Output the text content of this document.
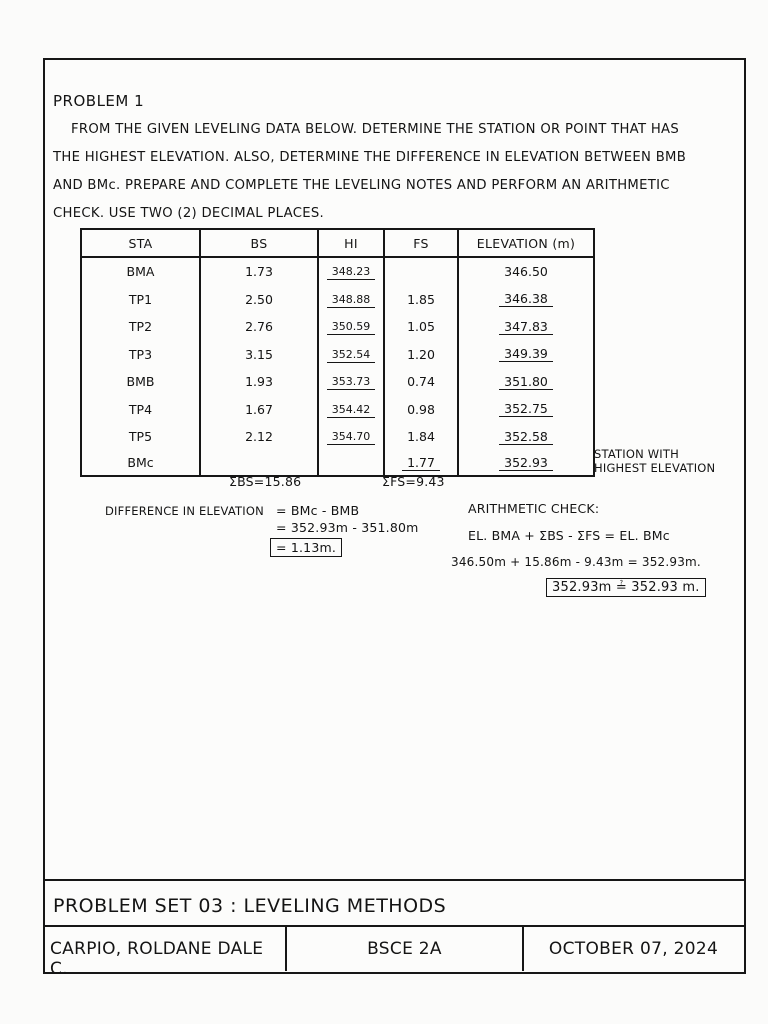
PROBLEM 1
FROM THE GIVEN LEVELING DATA BELOW. DETERMINE THE STATION OR POINT THAT HAS THE HIGHEST ELEVATION. ALSO, DETERMINE THE DIFFERENCE IN ELEVATION BETWEEN BMB AND BMc. PREPARE AND COMPLETE THE LEVELING NOTES AND PERFORM AN ARITHMETIC CHECK. USE TWO (2) DECIMAL PLACES.
STA	BS	HI	FS	ELEVATION (m)
BMA	1.73	348.23		346.50
TP1	2.50	348.88	1.85	346.38
TP2	2.76	350.59	1.05	347.83
TP3	3.15	352.54	1.20	349.39
BMB	1.93	353.73	0.74	351.80
TP4	1.67	354.42	0.98	352.75
TP5	2.12	354.70	1.84	352.58
BMc			1.77	352.93
STATION WITH HIGHEST ELEVATION
ΣBS=15.86	ΣFS=9.43
DIFFERENCE IN ELEVATION = BMc - BMB
= 352.93m - 351.80m
= 1.13m.
ARITHMETIC CHECK:
EL. BMA + ΣBS - ΣFS = EL. BMc
346.50m + 15.86m - 9.43m = 352.93m.
352.93m ≟ 352.93 m.
PROBLEM SET 03 : LEVELING METHODS
CARPIO, ROLDANE DALE C.
BSCE 2A	OCTOBER 07, 2024
